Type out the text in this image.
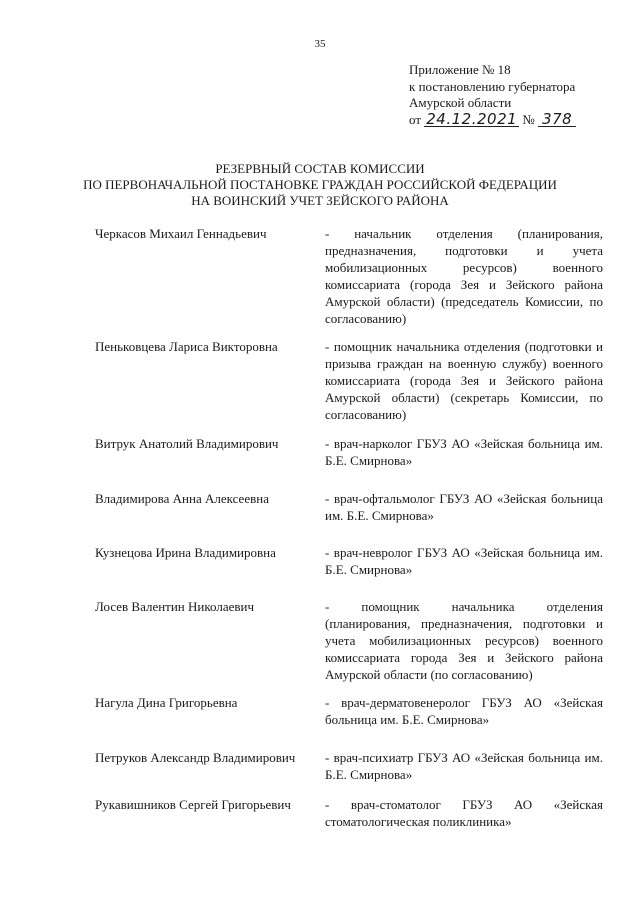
35
Приложение № 18
к постановлению губернатора
Амурской области
от 24.12.2021 № 378
РЕЗЕРВНЫЙ СОСТАВ КОМИССИИ
ПО ПЕРВОНАЧАЛЬНОЙ ПОСТАНОВКЕ ГРАЖДАН РОССИЙСКОЙ ФЕДЕРАЦИИ
НА ВОИНСКИЙ УЧЕТ ЗЕЙСКОГО РАЙОНА
Черкасов Михаил Геннадьевич	- начальник отделения (планирования, предназначения, подготовки и учета мобилизационных ресурсов) военного комиссариата (города Зея и Зейского района Амурской области) (председатель Комиссии, по согласованию)
Пеньковцева Лариса Викторовна	- помощник начальника отделения (подготовки и призыва граждан на военную службу) военного комиссариата (города Зея и Зейского района Амурской области) (секретарь Комиссии, по согласованию)
Витрук Анатолий Владимирович	- врач-нарколог ГБУЗ АО «Зейская больница им. Б.Е. Смирнова»
Владимирова Анна Алексеевна	- врач-офтальмолог ГБУЗ АО «Зейская больница им. Б.Е. Смирнова»
Кузнецова Ирина Владимировна	- врач-невролог ГБУЗ АО «Зейская больница им. Б.Е. Смирнова»
Лосев Валентин Николаевич	- помощник начальника отделения (планирования, предназначения, подготовки и учета мобилизационных ресурсов) военного комиссариата города Зея и Зейского района Амурской области (по согласованию)
Нагула Дина Григорьевна	- врач-дерматовенеролог ГБУЗ АО «Зейская больница им. Б.Е. Смирнова»
Петруков Александр Владимирович	- врач-психиатр ГБУЗ АО «Зейская больница им. Б.Е. Смирнова»
Рукавишников Сергей Григорьевич	- врач-стоматолог ГБУЗ АО «Зейская стоматологическая поликлиника»
